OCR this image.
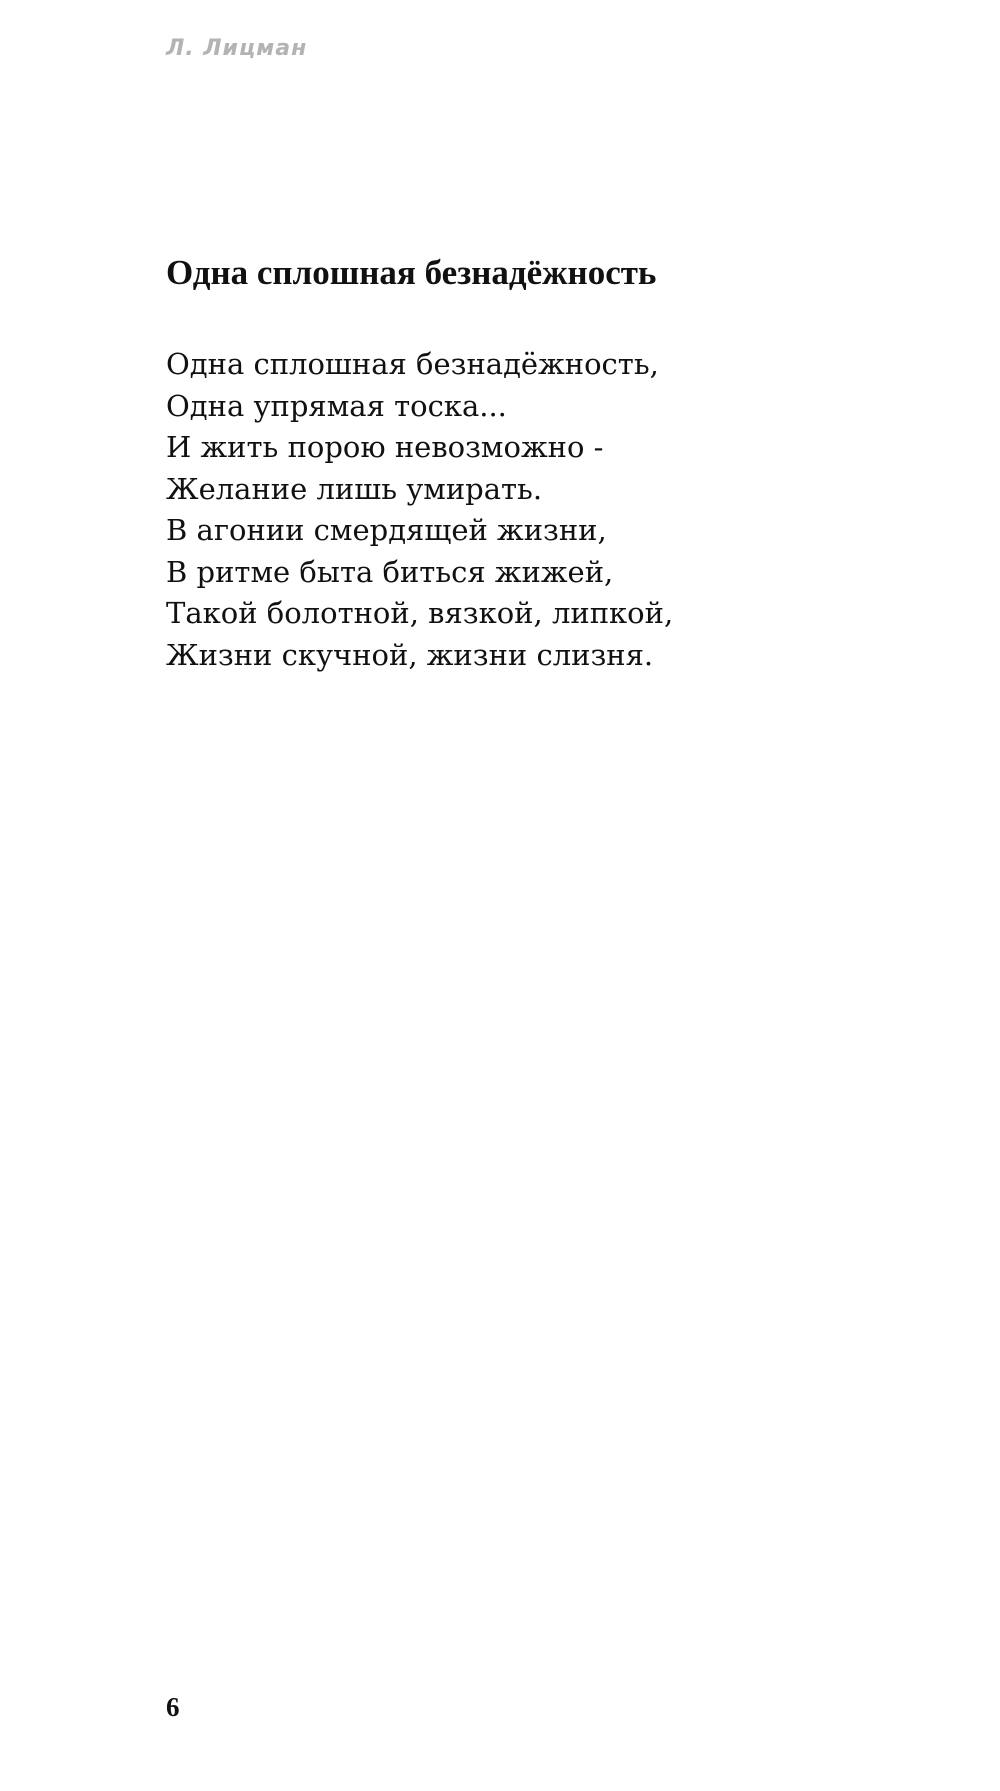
Л. Лицман
Одна сплошная безнадёжность
Одна сплошная безнадёжность,
Одна упрямая тоска...
И жить порою невозможно -
Желание лишь умирать.
В агонии смердящей жизни,
В ритме быта биться жижей,
Такой болотной, вязкой, липкой,
Жизни скучной, жизни слизня.
6
